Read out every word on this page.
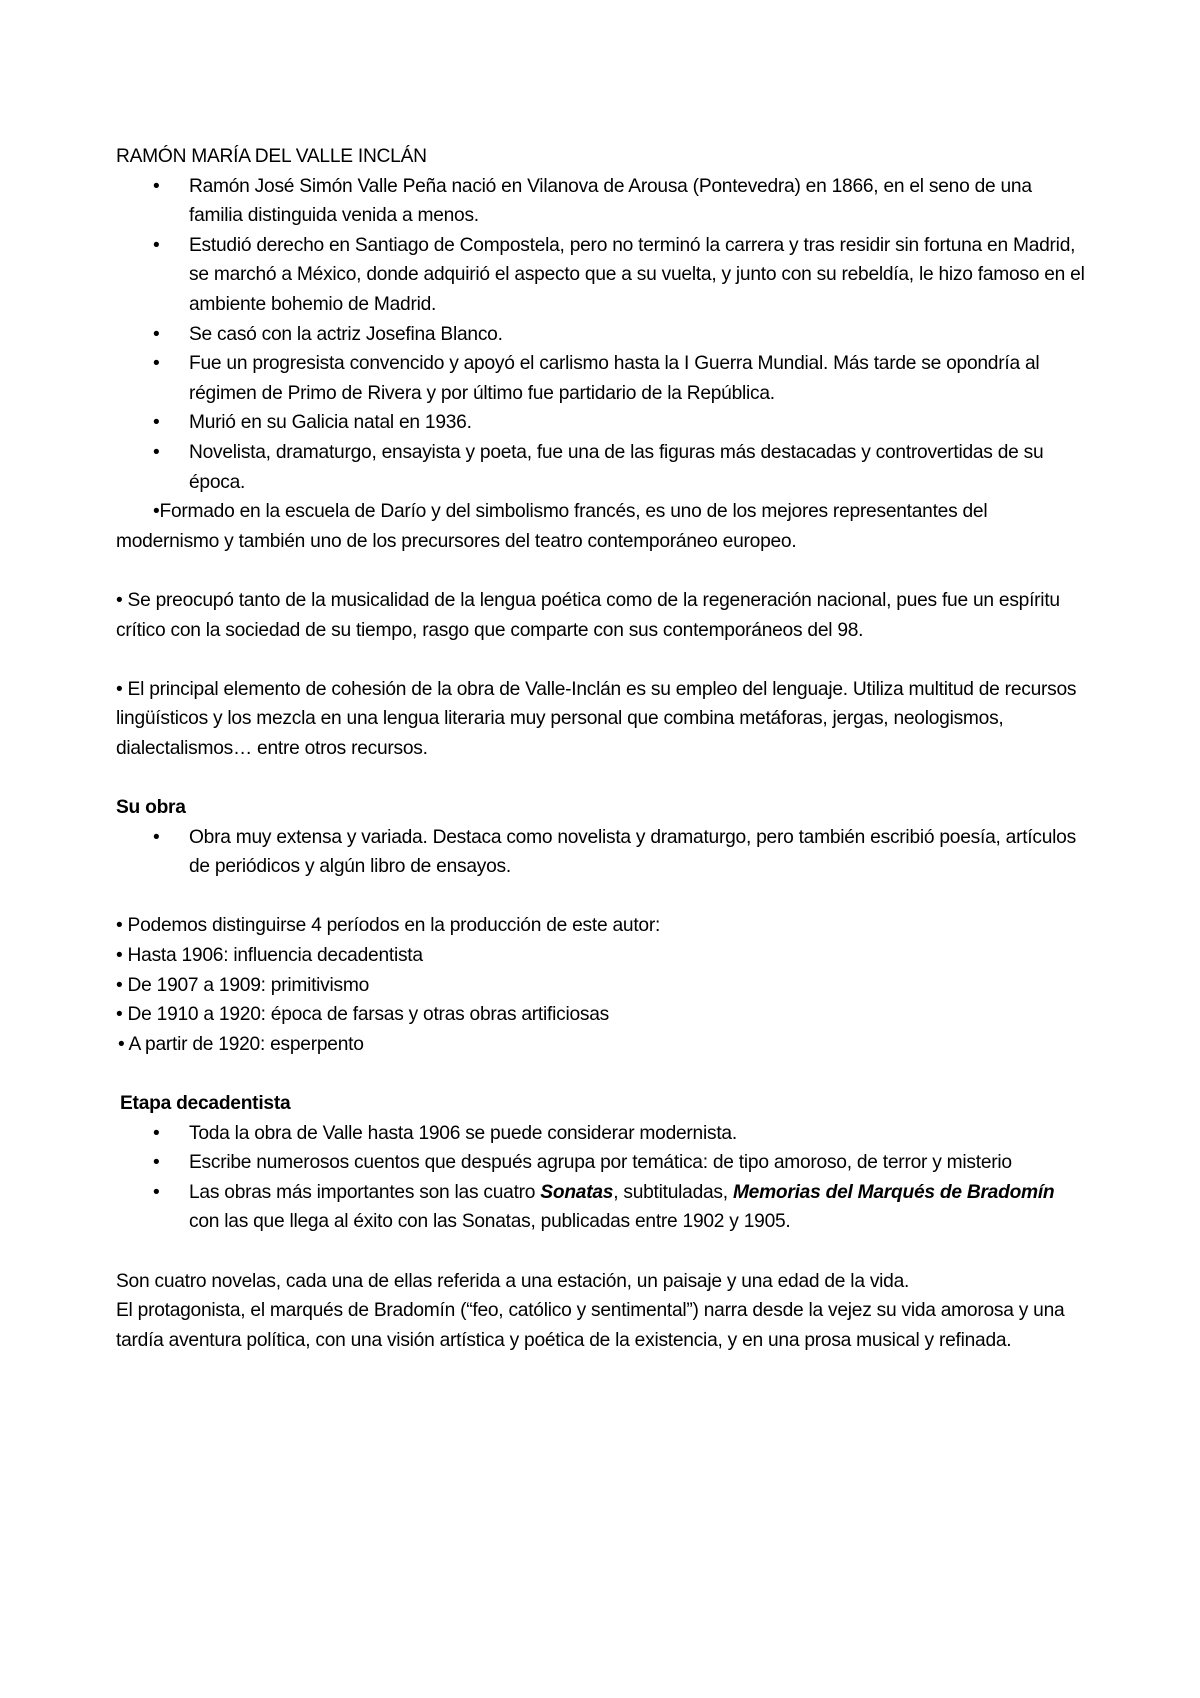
RAMÓN MARÍA DEL VALLE INCLÁN

• Ramón José Simón Valle Peña nació en Vilanova de Arousa (Pontevedra) en 1866, en el seno de una familia distinguida venida a menos.
• Estudió derecho en Santiago de Compostela, pero no terminó la carrera y tras residir sin fortuna en Madrid, se marchó a México, donde adquirió el aspecto que a su vuelta, y junto con su rebeldía, le hizo famoso en el ambiente bohemio de Madrid.
• Se casó con la actriz Josefina Blanco.
• Fue un progresista convencido y apoyó el carlismo hasta la I Guerra Mundial. Más tarde se opondría al régimen de Primo de Rivera y por último fue partidario de la República.
• Murió en su Galicia natal en 1936.
• Novelista, dramaturgo, ensayista y poeta, fue una de las figuras más destacadas y controvertidas de su época.

•Formado en la escuela de Darío y del simbolismo francés, es uno de los mejores representantes del modernismo y también uno de los precursores del teatro contemporáneo europeo.

• Se preocupó tanto de la musicalidad de la lengua poética como de la regeneración nacional, pues fue un espíritu crítico con la sociedad de su tiempo, rasgo que comparte con sus contemporáneos del 98.

• El principal elemento de cohesión de la obra de Valle-Inclán es su empleo del lenguaje. Utiliza multitud de recursos lingüísticos y los mezcla en una lengua literaria muy personal que combina metáforas, jergas, neologismos, dialectalismos… entre otros recursos.

Su obra

• Obra muy extensa y variada. Destaca como novelista y dramaturgo, pero también escribió poesía, artículos de periódicos y algún libro de ensayos.

• Podemos distinguirse 4 períodos en la producción de este autor:

• Hasta 1906: influencia decadentista

• De 1907 a 1909: primitivismo

• De 1910 a 1920: época de farsas y otras obras artificiosas

• A partir de 1920: esperpento

Etapa decadentista

• Toda la obra de Valle hasta 1906 se puede considerar modernista.
• Escribe numerosos cuentos que después agrupa por temática: de tipo amoroso, de terror y misterio
• Las obras más importantes son las cuatro Sonatas, subtituladas, Memorias del Marqués de Bradomín con las que llega al éxito con las Sonatas, publicadas entre 1902 y 1905.

Son cuatro novelas, cada una de ellas referida a una estación, un paisaje y una edad de la vida.

El protagonista, el marqués de Bradomín (“feo, católico y sentimental”) narra desde la vejez su vida amorosa y una tardía aventura política, con una visión artística y poética de la existencia, y en una prosa musical y refinada.
